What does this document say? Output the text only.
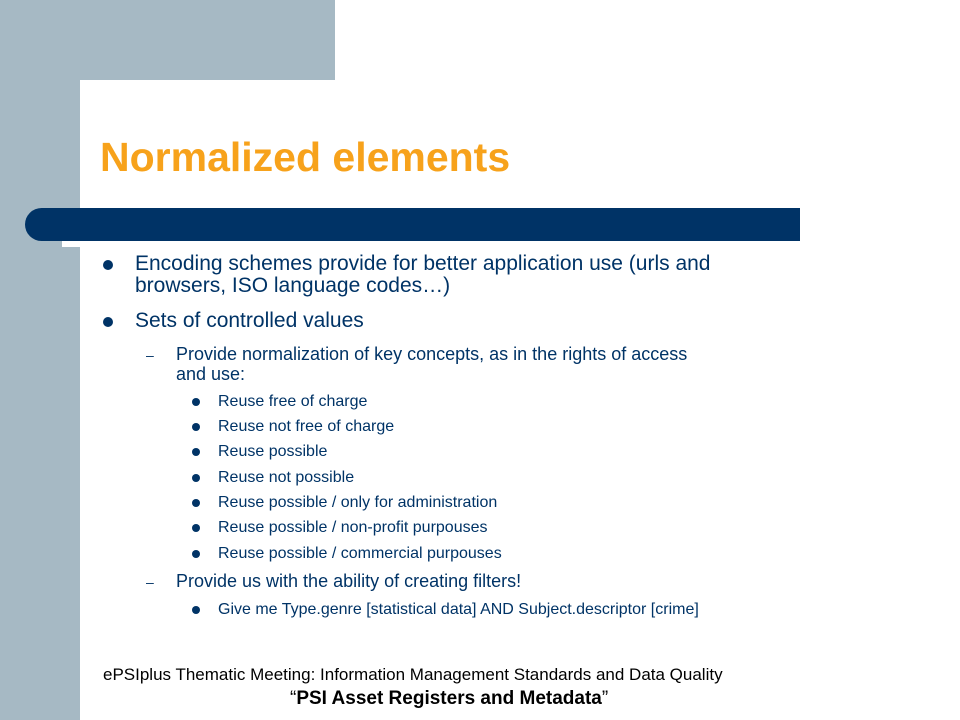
Normalized elements
Encoding schemes provide for better application use (urls and
browsers, ISO language codes…)
Sets of controlled values
– Provide normalization of key concepts, as in the rights of access
and use:
Reuse free of charge
Reuse not free of charge
Reuse possible
Reuse not possible
Reuse possible / only for administration
Reuse possible / non-profit purpouses
Reuse possible / commercial purpouses
– Provide us with the ability of creating filters!
Give me Type.genre [statistical data] AND Subject.descriptor [crime]
ePSIplus Thematic Meeting: Information Management Standards and Data Quality
“PSI Asset Registers and Metadata”
